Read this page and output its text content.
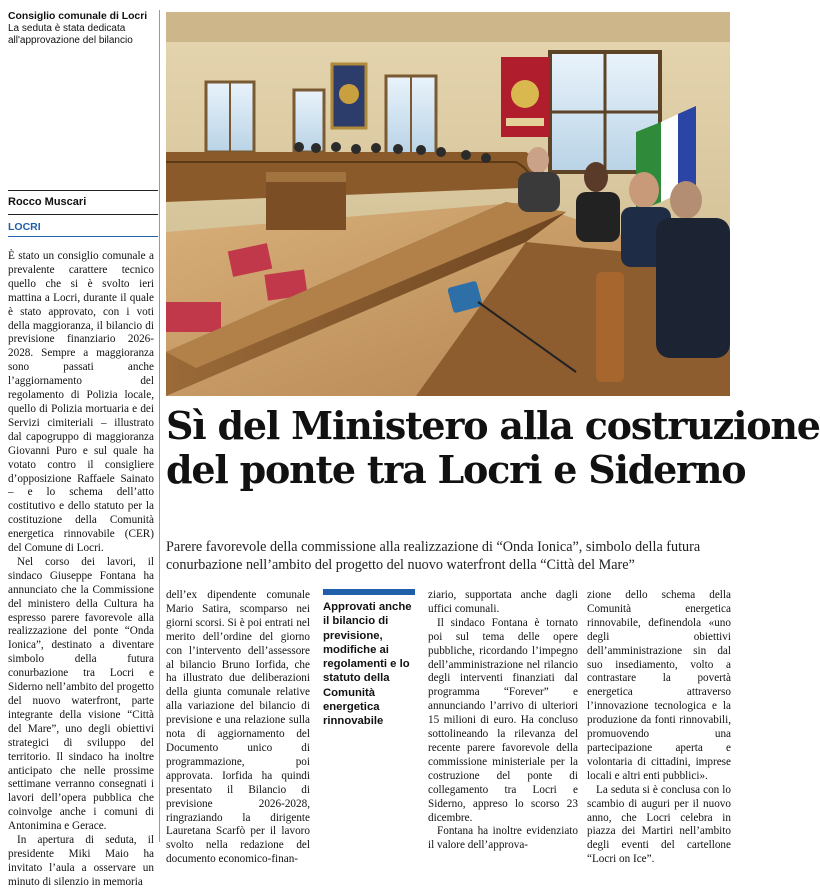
Consiglio comunale di Locri
La seduta è stata dedicata all'approvazione del bilancio
Rocco Muscari
LOCRI
Sì del Ministero alla costruzione
del ponte tra Locri e Siderno
Parere favorevole della commissione alla realizzazione di “Onda Ionica”, simbolo della futura conurbazione nell’ambito del progetto del nuovo waterfront della “Città del Mare”

È stato un consiglio comunale a prevalente carattere tecnico quello che si è svolto ieri mattina a Locri, durante il quale è stato approvato, con i voti della maggioranza, il bilancio di previsione finanziario 2026-2028. Sempre a maggioranza sono passati anche l’aggiornamento del regolamento di Polizia locale, quello di Polizia mortuaria e dei Servizi cimiteriali – illustrato dal capogruppo di maggioranza Giovanni Puro e sul quale ha votato contro il consigliere d’opposizione Raffaele Sainato – e lo schema dell’atto costitutivo e dello statuto per la costituzione della Comunità energetica rinnovabile (CER) del Comune di Locri.

Nel corso dei lavori, il sindaco Giuseppe Fontana ha annunciato che la Commissione del ministero della Cultura ha espresso parere favorevole alla realizzazione del ponte “Onda Ionica”, destinato a diventare simbolo della futura conurbazione tra Locri e Siderno nell’ambito del progetto del nuovo waterfront, parte integrante della visione “Città del Mare”, uno degli obiettivi strategici di sviluppo del territorio. Il sindaco ha inoltre anticipato che nelle prossime settimane verranno consegnati i lavori dell’opera pubblica che coinvolge anche i comuni di Antonimina e Gerace.

In apertura di seduta, il presidente Miki Maio ha invitato l’aula a osservare un minuto di silenzio in memoria

dell’ex dipendente comunale Mario Satira, scomparso nei giorni scorsi. Si è poi entrati nel merito dell’ordine del giorno con l’intervento dell’assessore al bilancio Bruno Iorfida, che ha illustrato due deliberazioni della giunta comunale relative alla variazione del bilancio di previsione e una relazione sulla nota di aggiornamento del Documento unico di programmazione, poi approvata. Iorfida ha quindi presentato il Bilancio di previsione 2026-2028, ringraziando la dirigente Lauretana Scarfò per il lavoro svolto nella redazione del documento economico-finan-

Approvati anche il bilancio di previsione, modifiche ai regolamenti e lo statuto della Comunità energetica rinnovabile

ziario, supportata anche dagli uffici comunali.

Il sindaco Fontana è tornato poi sul tema delle opere pubbliche, ricordando l’impegno dell’amministrazione nel rilancio degli interventi finanziati dal programma “Forever” e annunciando l’arrivo di ulteriori 15 milioni di euro. Ha concluso sottolineando la rilevanza del recente parere favorevole della commissione ministeriale per la costruzione del ponte di collegamento tra Locri e Siderno, appreso lo scorso 23 dicembre.

Fontana ha inoltre evidenziato il valore dell’approva-

zione dello schema della Comunità energetica rinnovabile, definendola «uno degli obiettivi dell’amministrazione sin dal suo insediamento, volto a contrastare la povertà energetica attraverso l’innovazione tecnologica e la produzione da fonti rinnovabili, promuovendo una partecipazione aperta e volontaria di cittadini, imprese locali e altri enti pubblici».

La seduta si è conclusa con lo scambio di auguri per il nuovo anno, che Locri celebra in piazza dei Martiri nell’ambito degli eventi del cartellone “Locri on Ice”.
